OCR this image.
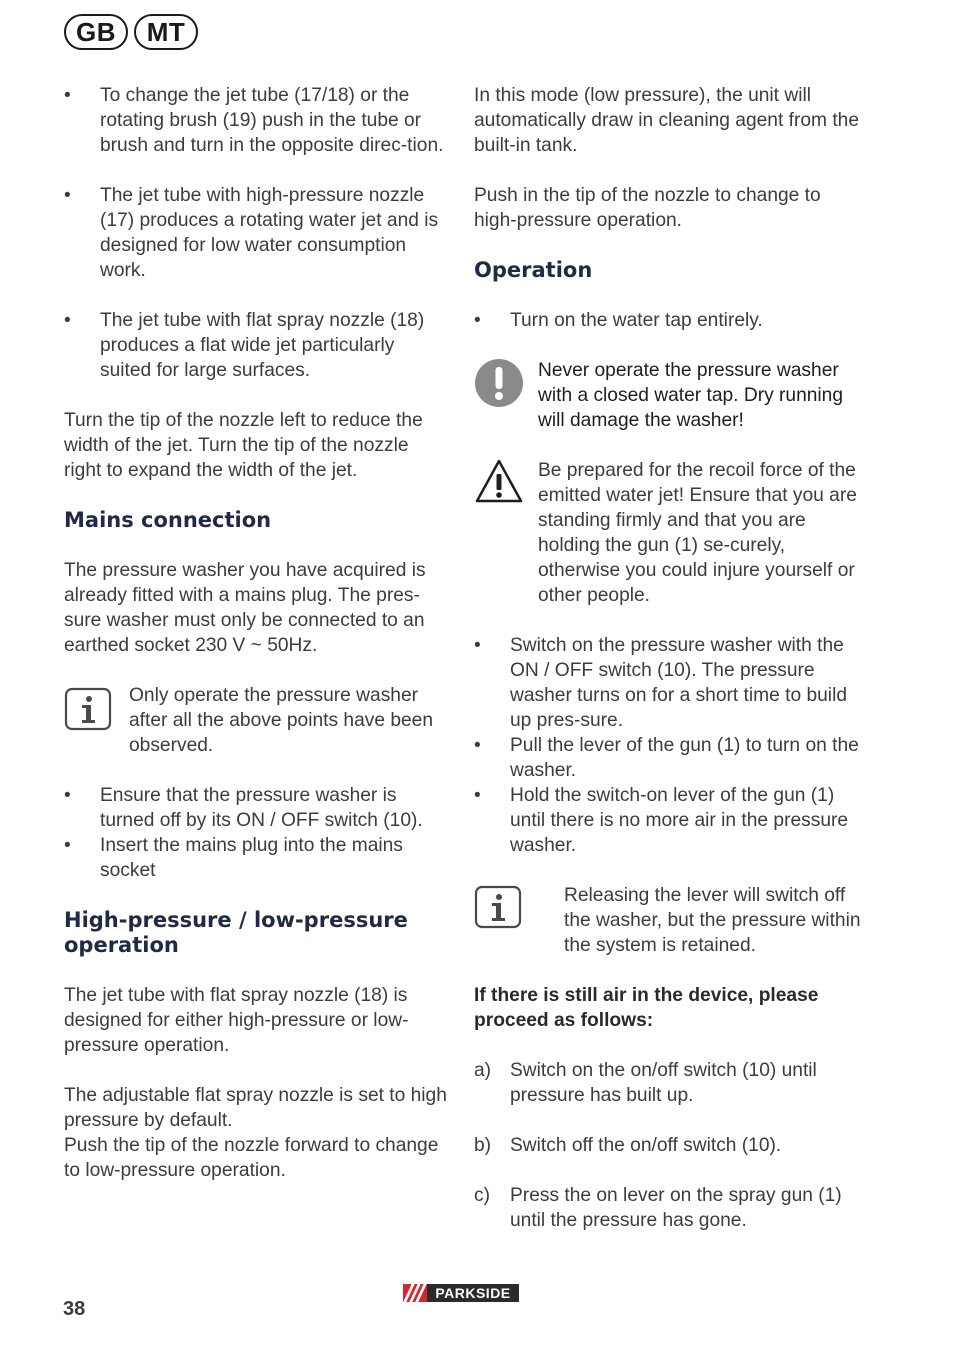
GB	MT
•	To change the jet tube (17/18) or the rotating brush (19) push in the tube or brush and turn in the opposite direc-tion.
•	The jet tube with high-pressure nozzle (17) produces a rotating water jet and is designed for low water consumption work.
•	The jet tube with flat spray nozzle (18) produces a flat wide jet particularly suited for large surfaces.

Turn the tip of the nozzle left to reduce the width of the jet. Turn the tip of the nozzle right to expand the width of the jet.

Mains connection

The pressure washer you have acquired is already fitted with a mains plug. The pres-sure washer must only be connected to an earthed socket 230 V ~ 50Hz.

Only operate the pressure washer after all the above points have been observed.
•	Ensure that the pressure washer is turned off by its ON / OFF switch (10).
•	Insert the mains plug into the mains socket
High-pressure / low-pressure operation

The jet tube with flat spray nozzle (18) is designed for either high-pressure or low-pressure operation.

The adjustable flat spray nozzle is set to high pressure by default.

Push the tip of the nozzle forward to change to low-pressure operation.

In this mode (low pressure), the unit will automatically draw in cleaning agent from the built-in tank.

Push in the tip of the nozzle to change to high-pressure operation.

Operation
•	Turn on the water tap entirely.
Never operate the pressure washer with a closed water tap. Dry running will damage the washer!
Be prepared for the recoil force of the emitted water jet! Ensure that you are standing firmly and that you are holding the gun (1) se-curely, otherwise you could injure yourself or other people.
•	Switch on the pressure washer with the ON / OFF switch (10). The pressure washer turns on for a short time to build up pres-sure.
•	Pull the lever of the gun (1) to turn on the washer.
•	Hold the switch-on lever of the gun (1) until there is no more air in the pressure washer.
Releasing the lever will switch off the washer, but the pressure within the system is retained.

If there is still air in the device, please proceed as follows:

a) Switch on the on/off switch (10) until pressure has built up.
b) Switch off the on/off switch (10).
c) Press the on lever on the spray gun (1) until the pressure has gone.
PARKSIDE
38
